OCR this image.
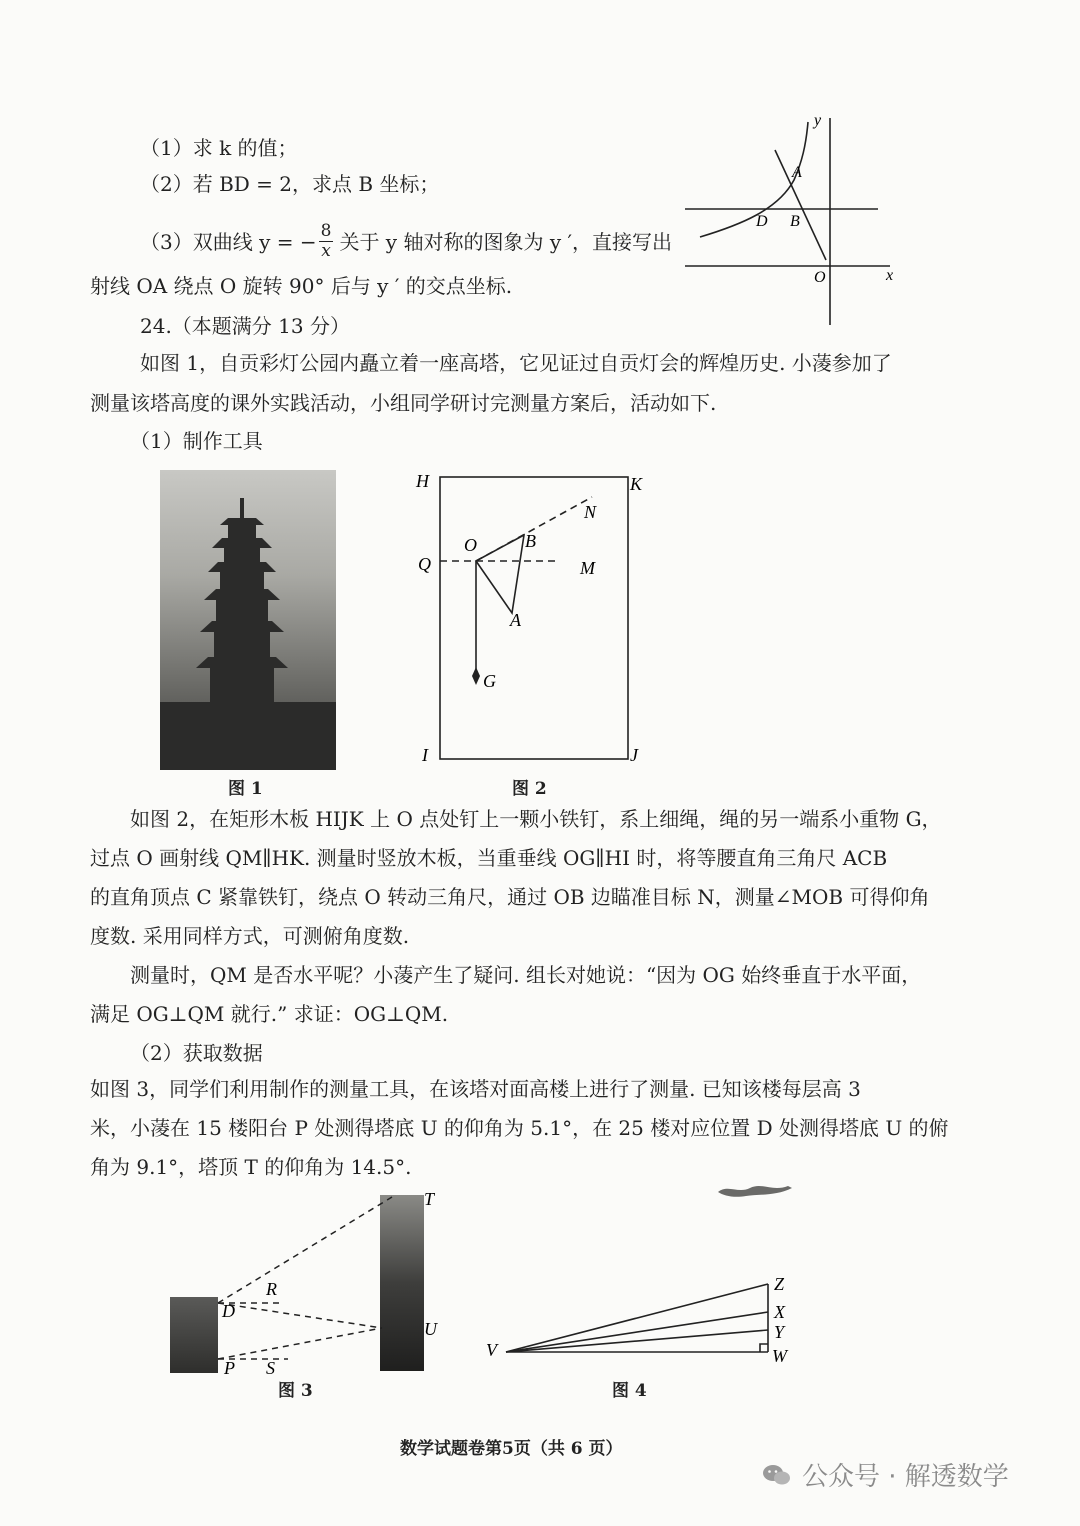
（1）求 k 的值；
（2）若 BD = 2，求点 B 坐标；
（3）双曲线 y = − $\frac{8}{x}$ 关于 y 轴对称的图象为 y ′，直接写出
射线 OA 绕点 O 旋转 90° 后与 y ′ 的交点坐标.
y
x
O
A
B
D
24.（本题满分 13 分）
如图 1，自贡彩灯公园内矗立着一座高塔，它见证过自贡灯会的辉煌历史. 小蓤参加了
测量该塔高度的课外实践活动，小组同学研讨完测量方案后，活动如下.
（1）制作工具
图 1
H	K
N
O	B
Q	M
A
G
I	J
图 2
如图 2，在矩形木板 HIJK 上 O 点处钉上一颗小铁钉，系上细绳，绳的另一端系小重物 G，
过点 O 画射线 QM∥HK. 测量时竖放木板，当重垂线 OG∥HI 时，将等腰直角三角尺 ACB
的直角顶点 C 紧靠铁钉，绕点 O 转动三角尺，通过 OB 边瞄准目标 N，测量∠MOB 可得仰角
度数. 采用同样方式，可测俯角度数.
测量时，QM 是否水平呢？小蓤产生了疑问. 组长对她说：“因为 OG 始终垂直于水平面，
满足 OG⊥QM 就行.” 求证：OG⊥QM.
（2）获取数据
如图 3，同学们利用制作的测量工具，在该塔对面高楼上进行了测量. 已知该楼每层高 3
米，小蓤在 15 楼阳台 P 处测得塔底 U 的仰角为 5.1°，在 25 楼对应位置 D 处测得塔底 U 的俯
角为 9.1°，塔顶 T 的仰角为 14.5°.
T
R
D
U
P S
图 3
Z
X
Y
V	W
图 4
数学试题卷第5页（共 6 页）
公众号 · 解透数学
